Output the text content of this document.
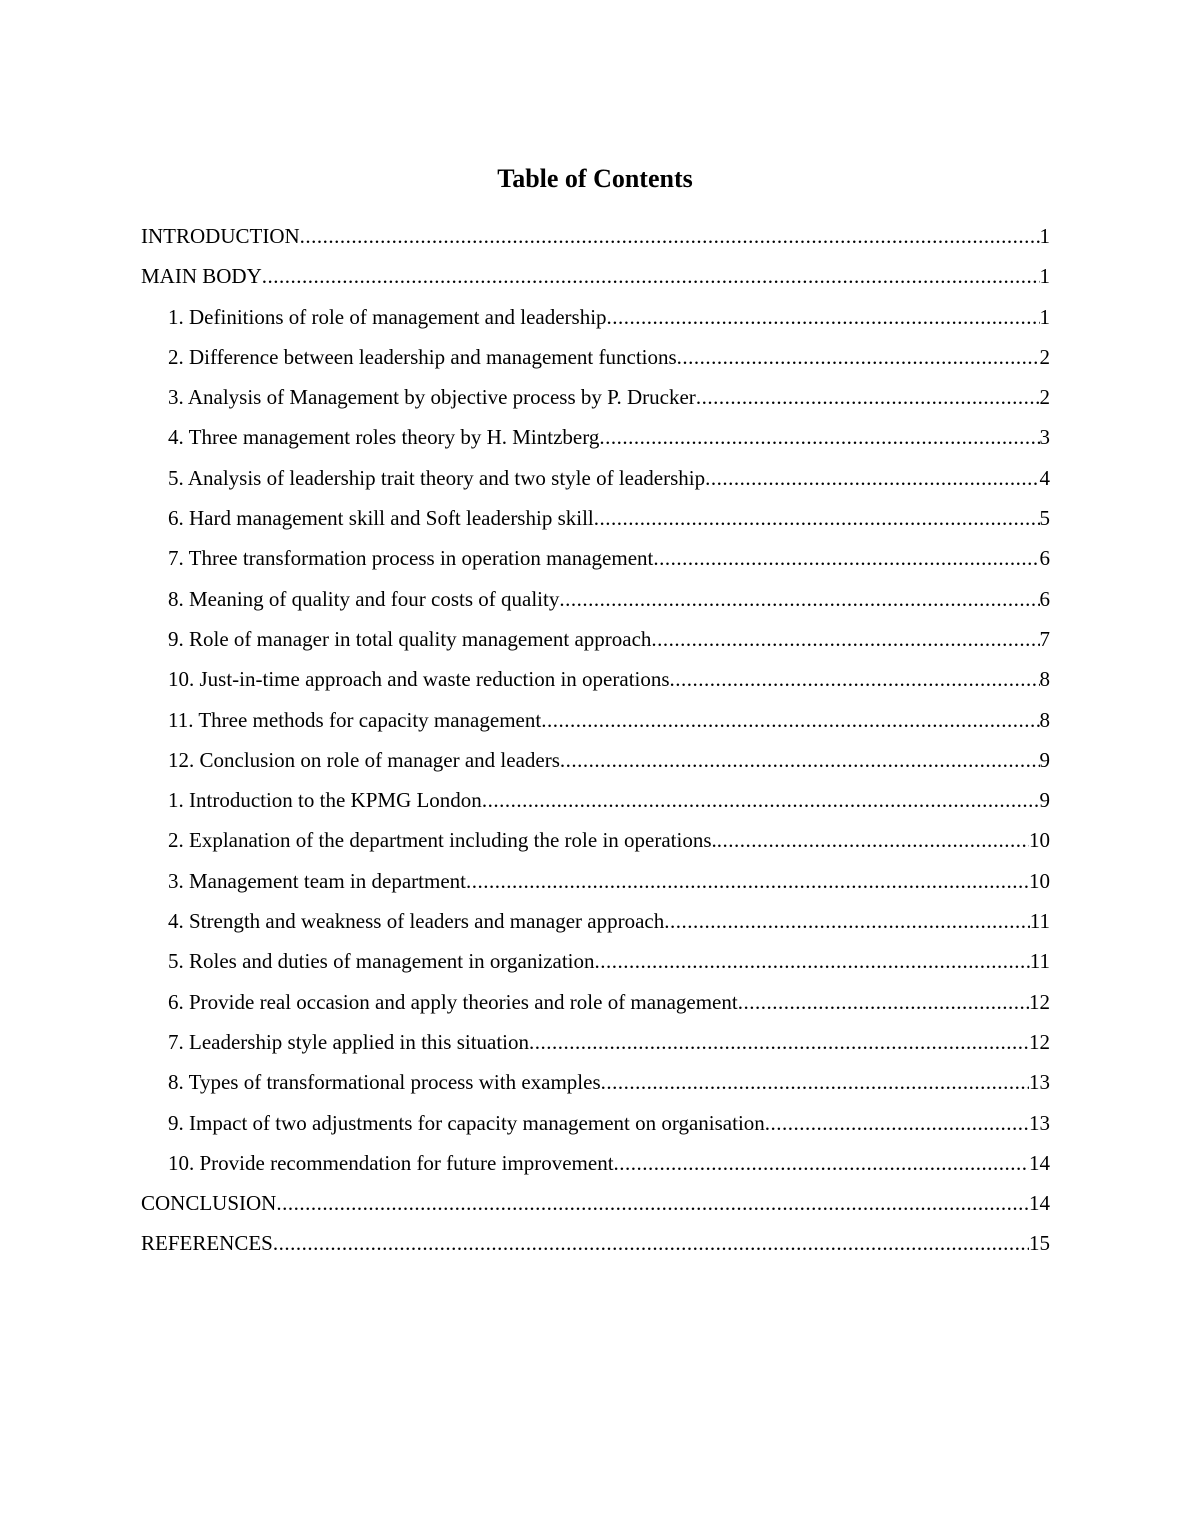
Table of Contents
INTRODUCTION .....	1
MAIN BODY .....	1
1. Definitions of role of management and leadership .....	1
2. Difference between leadership and management functions .....	2
3. Analysis of Management by objective process by P. Drucker .....	2
4. Three management roles theory by H. Mintzberg .....	3
5. Analysis of leadership trait theory and two style of leadership .....	4
6. Hard management skill and Soft leadership skill .....	5
7. Three transformation process in operation management .....	6
8. Meaning of quality and four costs of quality .....	6
9. Role of manager in total quality management approach .....	7
10. Just-in-time approach and waste reduction in operations .....	8
11. Three methods for capacity management .....	8
12. Conclusion on role of manager and leaders .....	9
1. Introduction to the KPMG London .....	9
2. Explanation of the department including the role in operations. .....	10
3. Management team in department .....	10
4. Strength and weakness of leaders and manager approach .....	11
5. Roles and duties of management in organization .....	11
6. Provide real occasion and apply theories and role of management .....	12
7. Leadership style applied in this situation .....	12
8. Types of transformational process with examples .....	13
9. Impact of two adjustments for capacity management on organisation .....	13
10. Provide recommendation for future improvement .....	14
CONCLUSION .....	14
REFERENCES .....	15
